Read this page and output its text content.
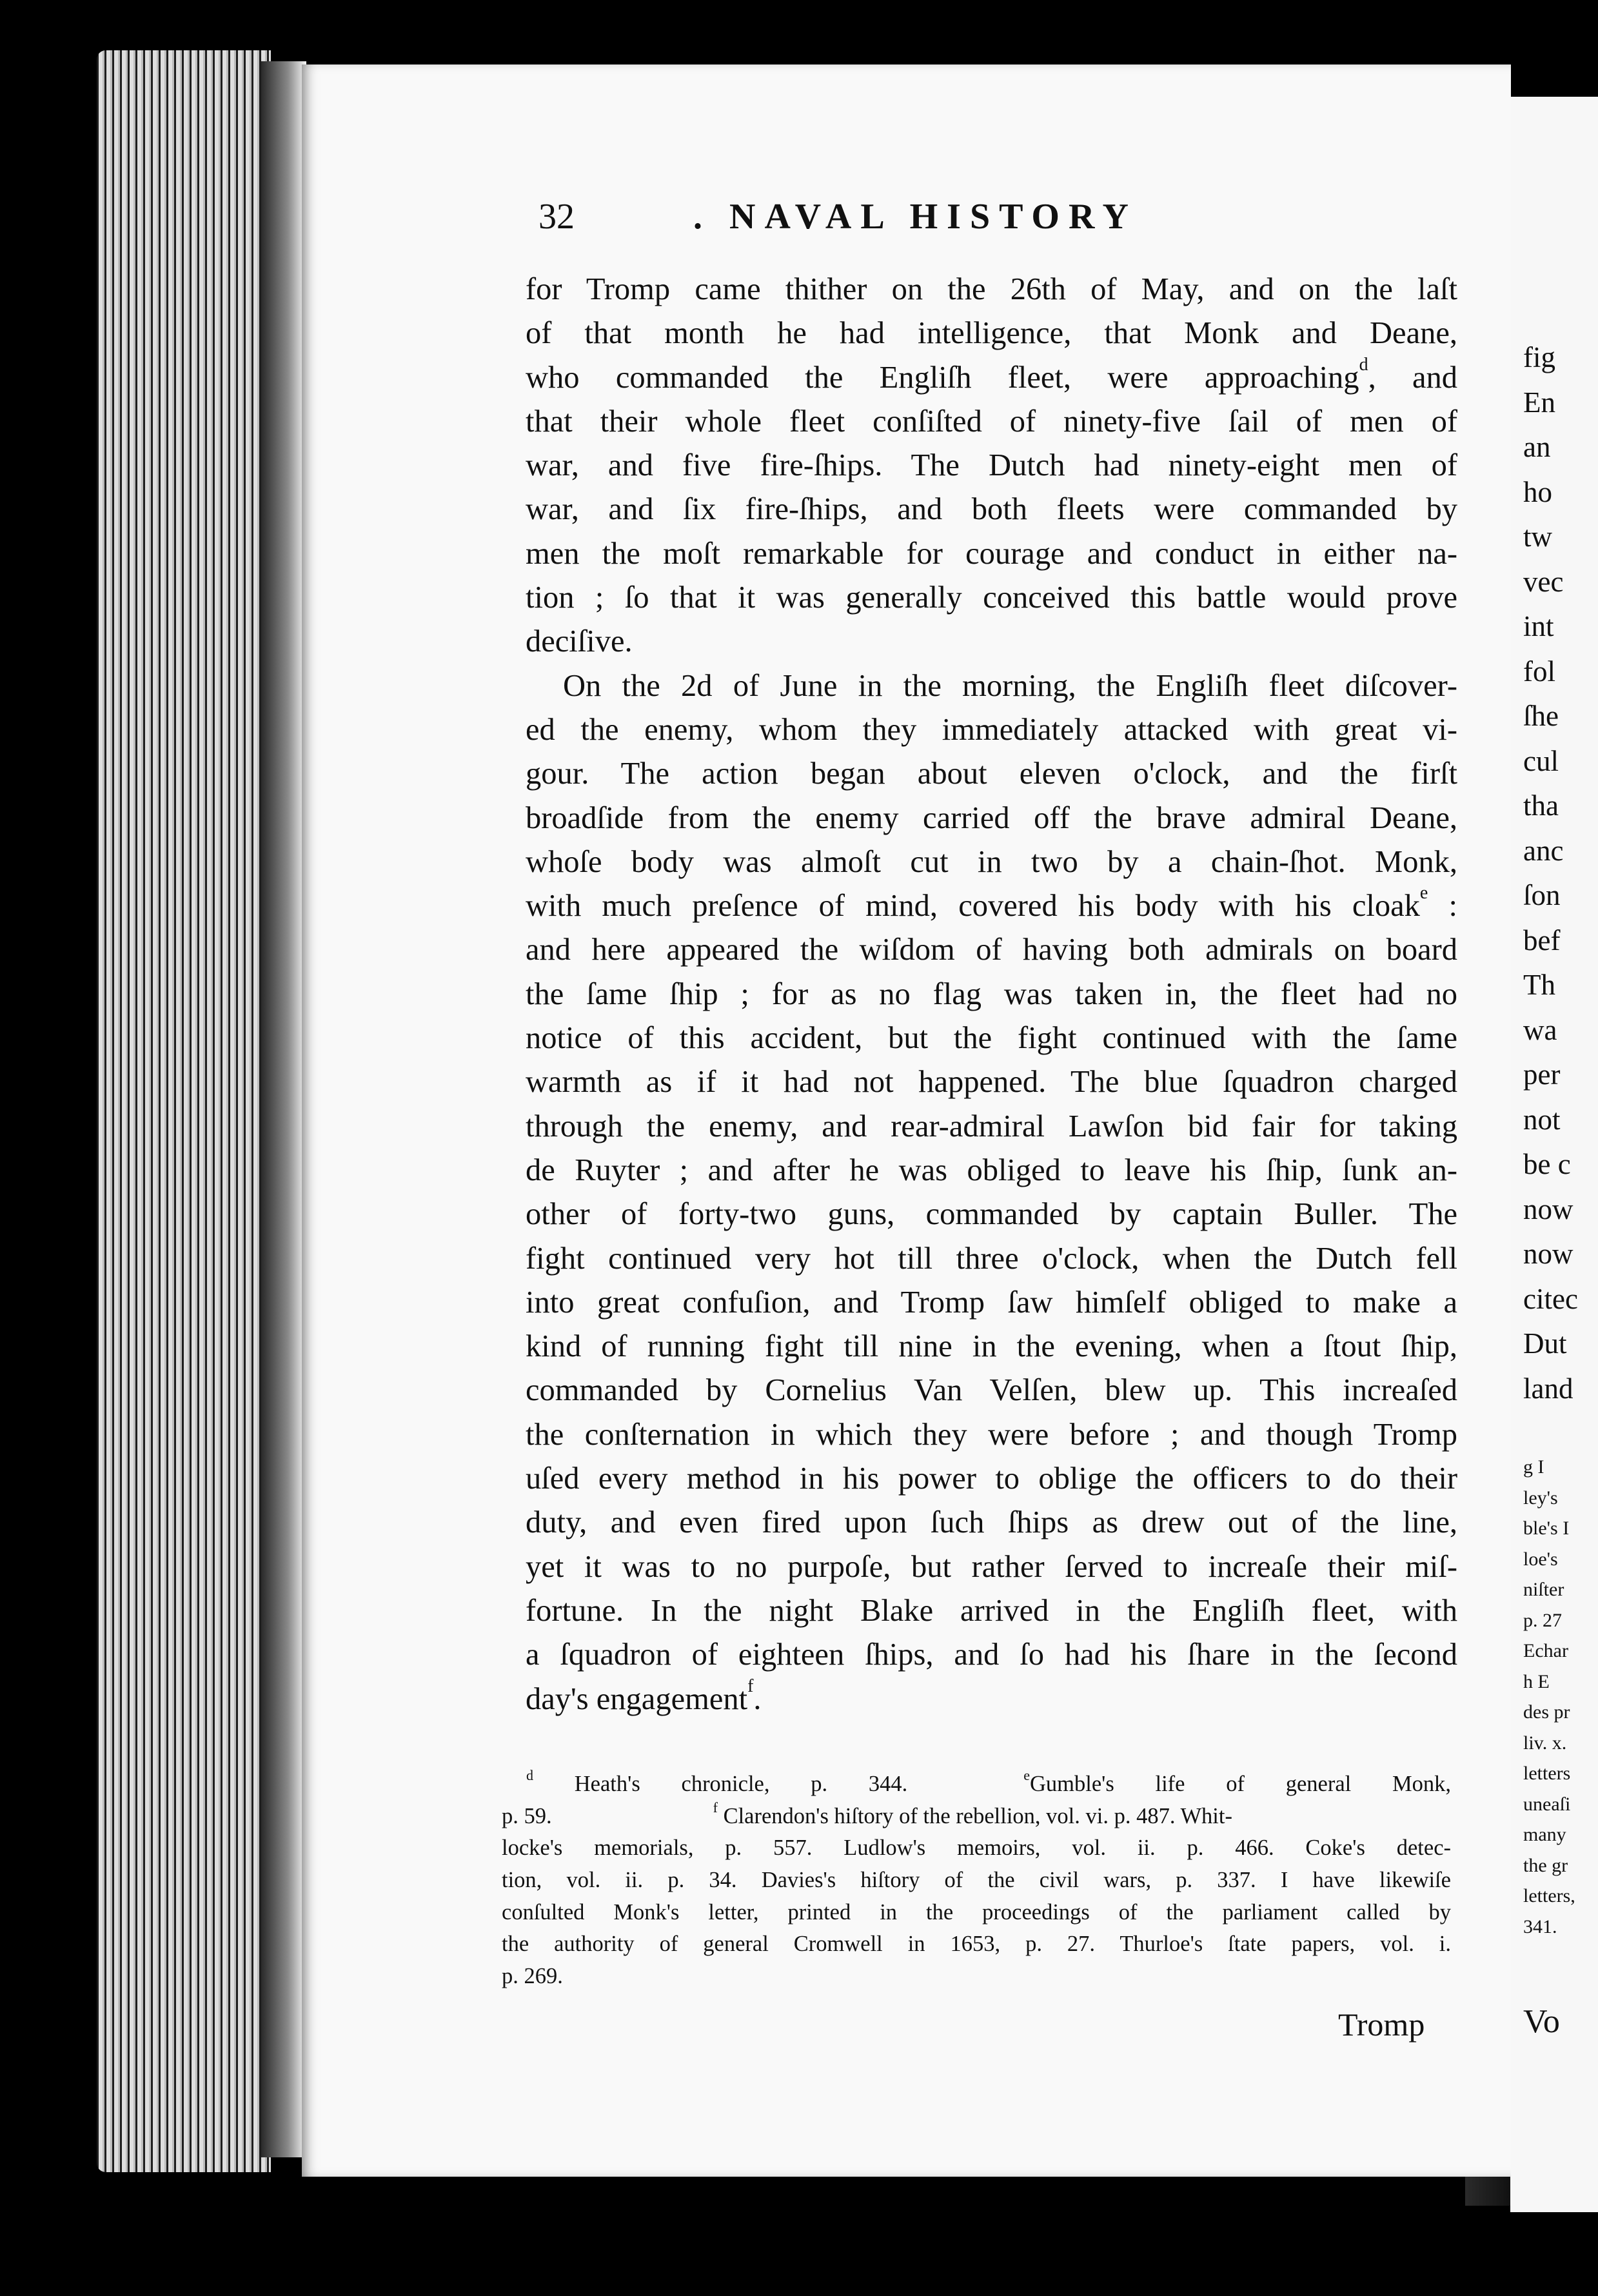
fig
En
an
ho
tw
vec
int
fol
ſhe
cul
tha
anc
ſon
bef
Th
wa
per
not
be c
now
now
citec
Dut
land
g I
ley's
ble's I
loe's
niſter
p. 27
Echar
h E
des pr
liv. x.
letters
uneaſi
many
the gr
letters,
341.
Vo
32	. NAVAL HISTORY
for Tromp came thither on the 26th of May, and on the laſt
of that month he had intelligence, that Monk and Deane,
who commanded the Engliſh fleet, were approaching$^d$, and
that their whole fleet conſiſted of ninety-five ſail of men of
war, and five fire-ſhips. The Dutch had ninety-eight men of
war, and ſix fire-ſhips, and both fleets were commanded by
men the moſt remarkable for courage and conduct in either na-
tion ; ſo that it was generally conceived this battle would prove
deciſive.
On the 2d of June in the morning, the Engliſh fleet diſcover-
ed the enemy, whom they immediately attacked with great vi-
gour. The action began about eleven o'clock, and the firſt
broadſide from the enemy carried off the brave admiral Deane,
whoſe body was almoſt cut in two by a chain-ſhot. Monk,
with much preſence of mind, covered his body with his cloak$^e$ :
and here appeared the wiſdom of having both admirals on board
the ſame ſhip ; for as no flag was taken in, the fleet had no
notice of this accident, but the fight continued with the ſame
warmth as if it had not happened. The blue ſquadron charged
through the enemy, and rear-admiral Lawſon bid fair for taking
de Ruyter ; and after he was obliged to leave his ſhip, ſunk an-
other of forty-two guns, commanded by captain Buller. The
fight continued very hot till three o'clock, when the Dutch fell
into great confuſion, and Tromp ſaw himſelf obliged to make a
kind of running fight till nine in the evening, when a ſtout ſhip,
commanded by Cornelius Van Velſen, blew up. This increaſed
the conſternation in which they were before ; and though Tromp
uſed every method in his power to oblige the officers to do their
duty, and even fired upon ſuch ſhips as drew out of the line,
yet it was to no purpoſe, but rather ſerved to increaſe their miſ-
fortune. In the night Blake arrived in the Engliſh fleet, with
a ſquadron of eighteen ſhips, and ſo had his ſhare in the ſecond
day's engagement$^f$.
$^d$ Heath's chronicle, p. 344.	$^e$Gumble's life of general Monk,
p. 59.	$^f$ Clarendon's hiſtory of the rebellion, vol. vi. p. 487. Whit-
locke's memorials, p. 557. Ludlow's memoirs, vol. ii. p. 466. Coke's detec-
tion, vol. ii. p. 34. Davies's hiſtory of the civil wars, p. 337. I have likewiſe
conſulted Monk's letter, printed in the proceedings of the parliament called by
the authority of general Cromwell in 1653, p. 27. Thurloe's ſtate papers, vol. i.
p. 269.
Tromp
